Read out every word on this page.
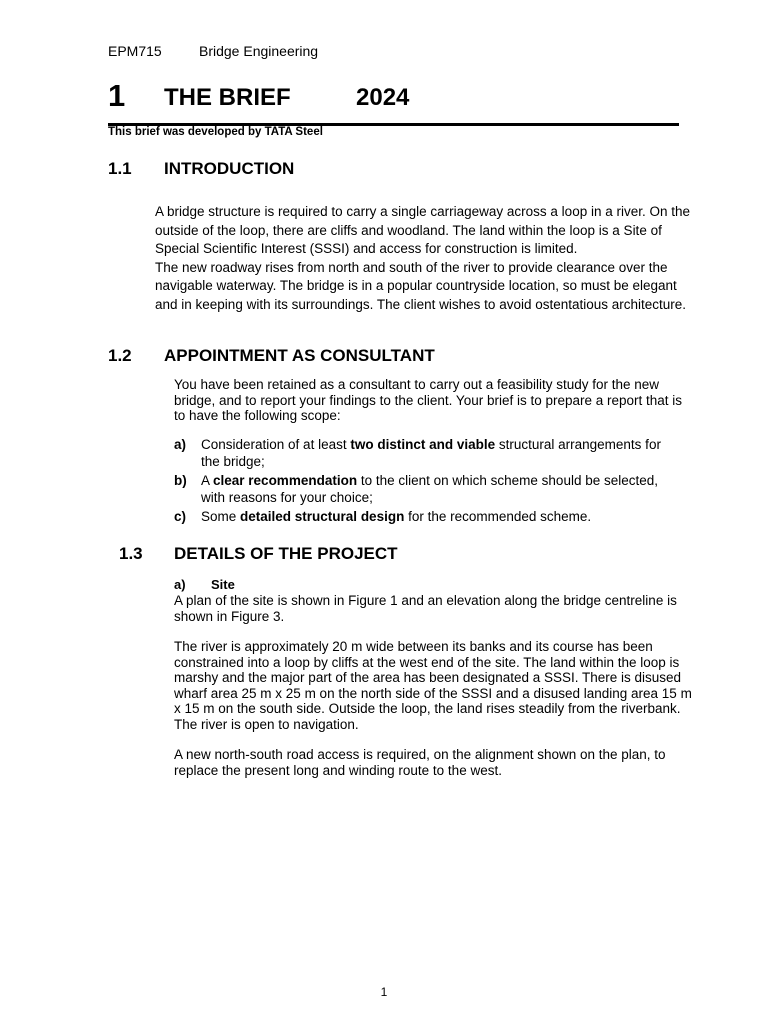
EPM715	Bridge Engineering
1 THE BRIEF	2024
This brief was developed by TATA Steel
1.1 INTRODUCTION

A bridge structure is required to carry a single carriageway across a loop in a river. On the outside of the loop, there are cliffs and woodland. The land within the loop is a Site of Special Scientific Interest (SSSI) and access for construction is limited.

The new roadway rises from north and south of the river to provide clearance over the navigable waterway. The bridge is in a popular countryside location, so must be elegant and in keeping with its surroundings. The client wishes to avoid ostentatious architecture.

1.2 APPOINTMENT AS CONSULTANT

You have been retained as a consultant to carry out a feasibility study for the new bridge, and to report your findings to the client. Your brief is to prepare a report that is to have the following scope:

a) Consideration of at least two distinct and viable structural arrangements for the bridge;
b) A clear recommendation to the client on which scheme should be selected, with reasons for your choice;
c) Some detailed structural design for the recommended scheme.
1.3 DETAILS OF THE PROJECT
a) Site

A plan of the site is shown in Figure 1 and an elevation along the bridge centreline is shown in Figure 3.

The river is approximately 20 m wide between its banks and its course has been constrained into a loop by cliffs at the west end of the site. The land within the loop is marshy and the major part of the area has been designated a SSSI. There is disused wharf area 25 m x 25 m on the north side of the SSSI and a disused landing area 15 m x 15 m on the south side. Outside the loop, the land rises steadily from the riverbank. The river is open to navigation.

A new north-south road access is required, on the alignment shown on the plan, to replace the present long and winding route to the west.

1
